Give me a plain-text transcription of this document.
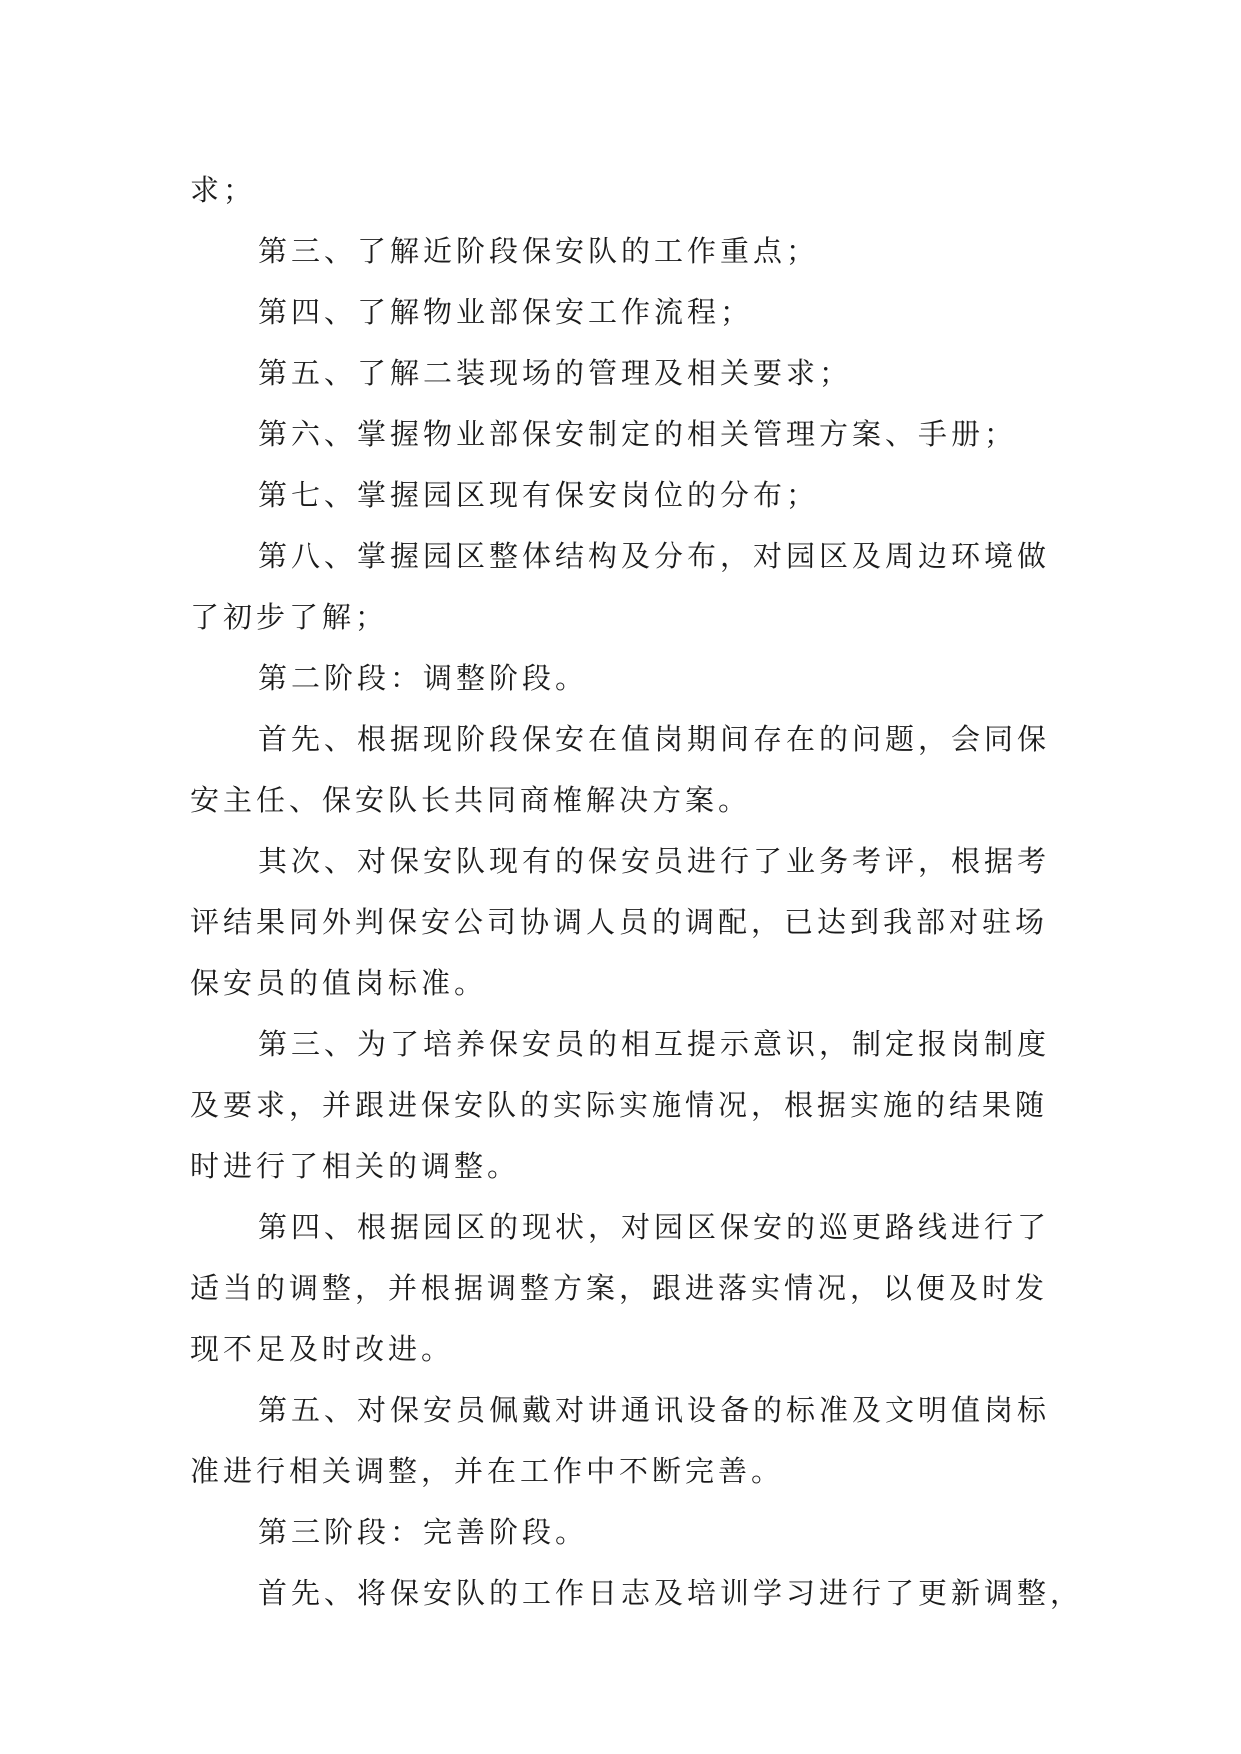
求；
第三、了解近阶段保安队的工作重点；
第四、了解物业部保安工作流程；
第五、了解二装现场的管理及相关要求；
第六、掌握物业部保安制定的相关管理方案、手册；
第七、掌握园区现有保安岗位的分布；
第八、掌握园区整体结构及分布，对园区及周边环境做
了初步了解；
第二阶段：调整阶段。
首先、根据现阶段保安在值岗期间存在的问题，会同保
安主任、保安队长共同商榷解决方案。
其次、对保安队现有的保安员进行了业务考评，根据考
评结果同外判保安公司协调人员的调配，已达到我部对驻场
保安员的值岗标准。
第三、为了培养保安员的相互提示意识，制定报岗制度
及要求，并跟进保安队的实际实施情况，根据实施的结果随
时进行了相关的调整。
第四、根据园区的现状，对园区保安的巡更路线进行了
适当的调整，并根据调整方案，跟进落实情况，以便及时发
现不足及时改进。
第五、对保安员佩戴对讲通讯设备的标准及文明值岗标
准进行相关调整，并在工作中不断完善。
第三阶段：完善阶段。
首先、将保安队的工作日志及培训学习进行了更新调整，
